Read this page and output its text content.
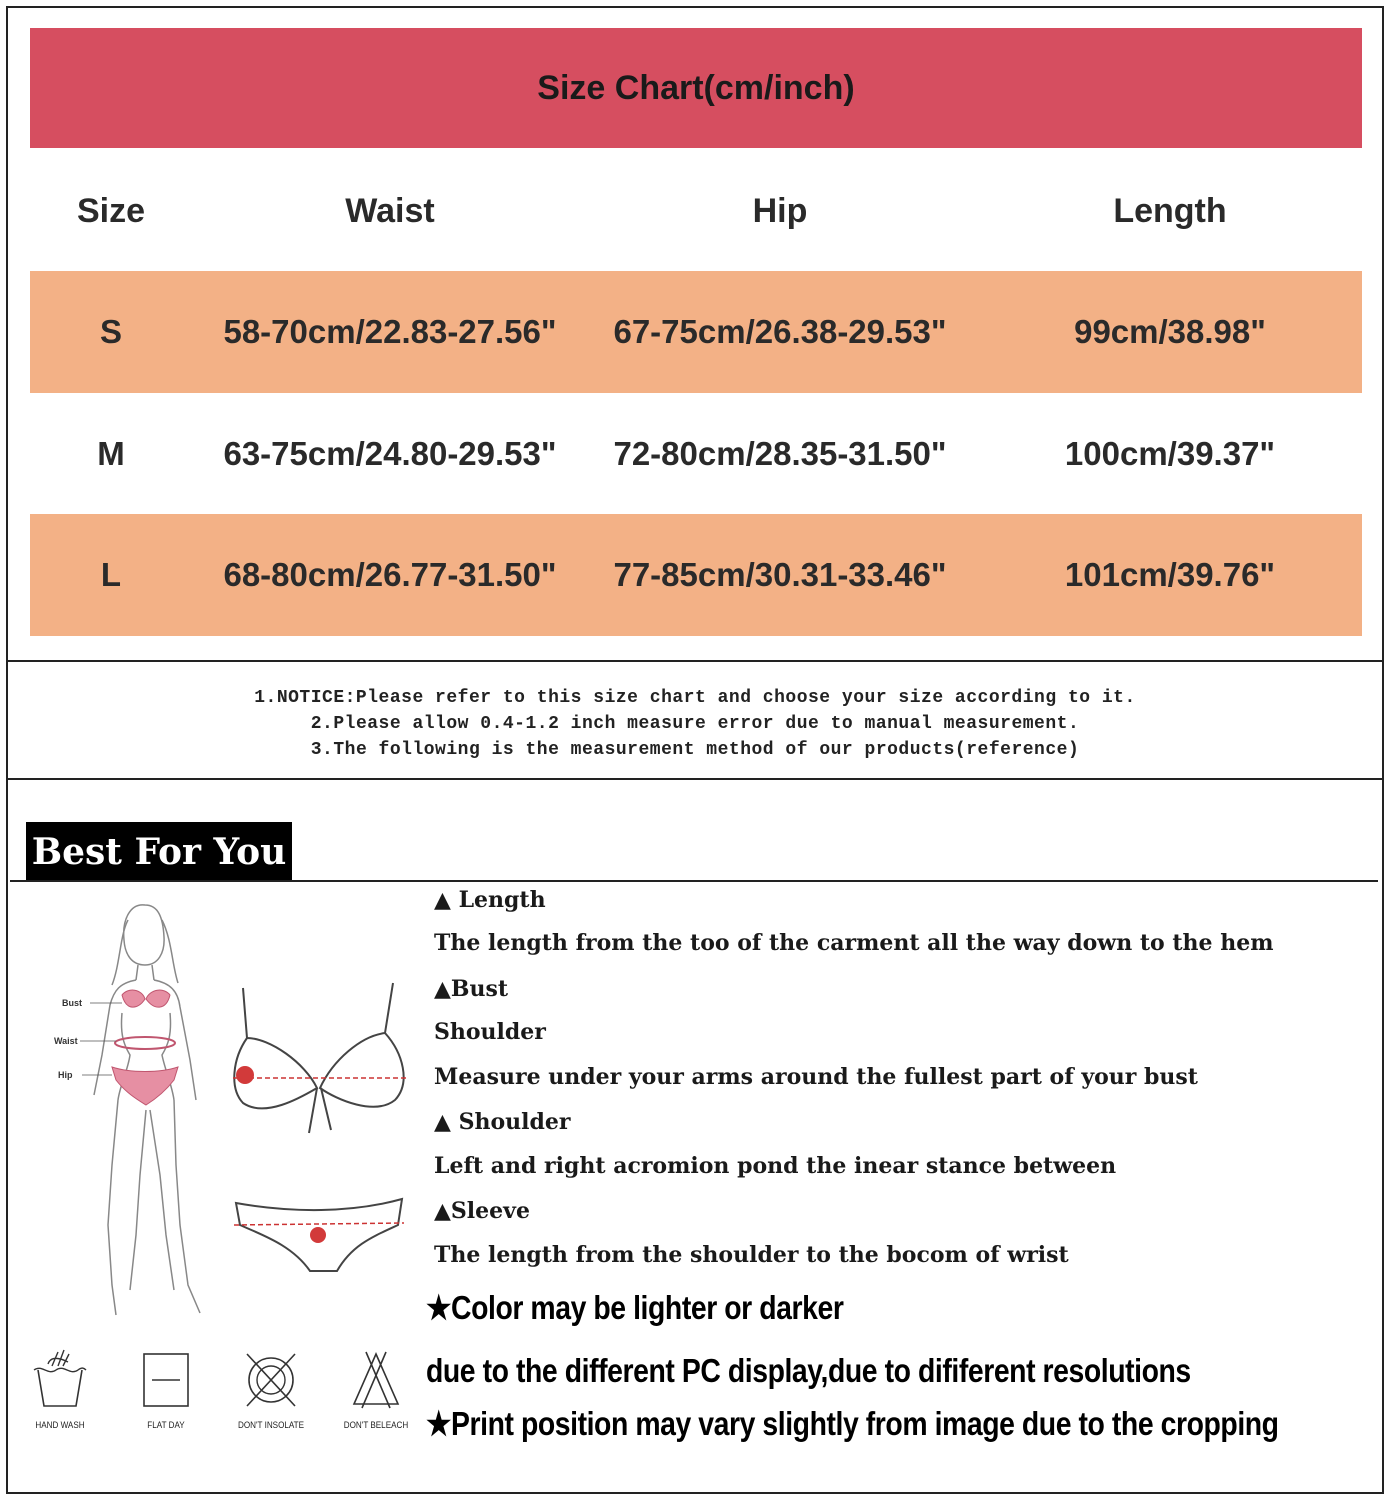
Size Chart(cm/inch)
Size	Waist	Hip	Length
S	58-70cm/22.83-27.56"	67-75cm/26.38-29.53"	99cm/38.98"
M	63-75cm/24.80-29.53"	72-80cm/28.35-31.50"	100cm/39.37"
L	68-80cm/26.77-31.50"	77-85cm/30.31-33.46"	101cm/39.76"
1.NOTICE:Please refer to this size chart and choose your size according to it.
2.Please allow 0.4-1.2 inch measure error due to manual measurement.
3.The following is the measurement method of our products(reference)
Best For You
Bust
Waist
Hip
▲ Length
The length from the too of the carment all the way down to the hem
▲Bust
Shoulder
Measure under your arms around the fullest part of your bust
▲ Shoulder
Left and right acromion pond the inear stance between
▲Sleeve
The length from the shoulder to the bocom of wrist
★Color may be lighter or darker
due to the different PC display,due to dififerent resolutions
★Print position may vary slightly from image due to the cropping
HAND WASH	FLAT DAY	DON'T INSOLATE	DON'T BELEACH
